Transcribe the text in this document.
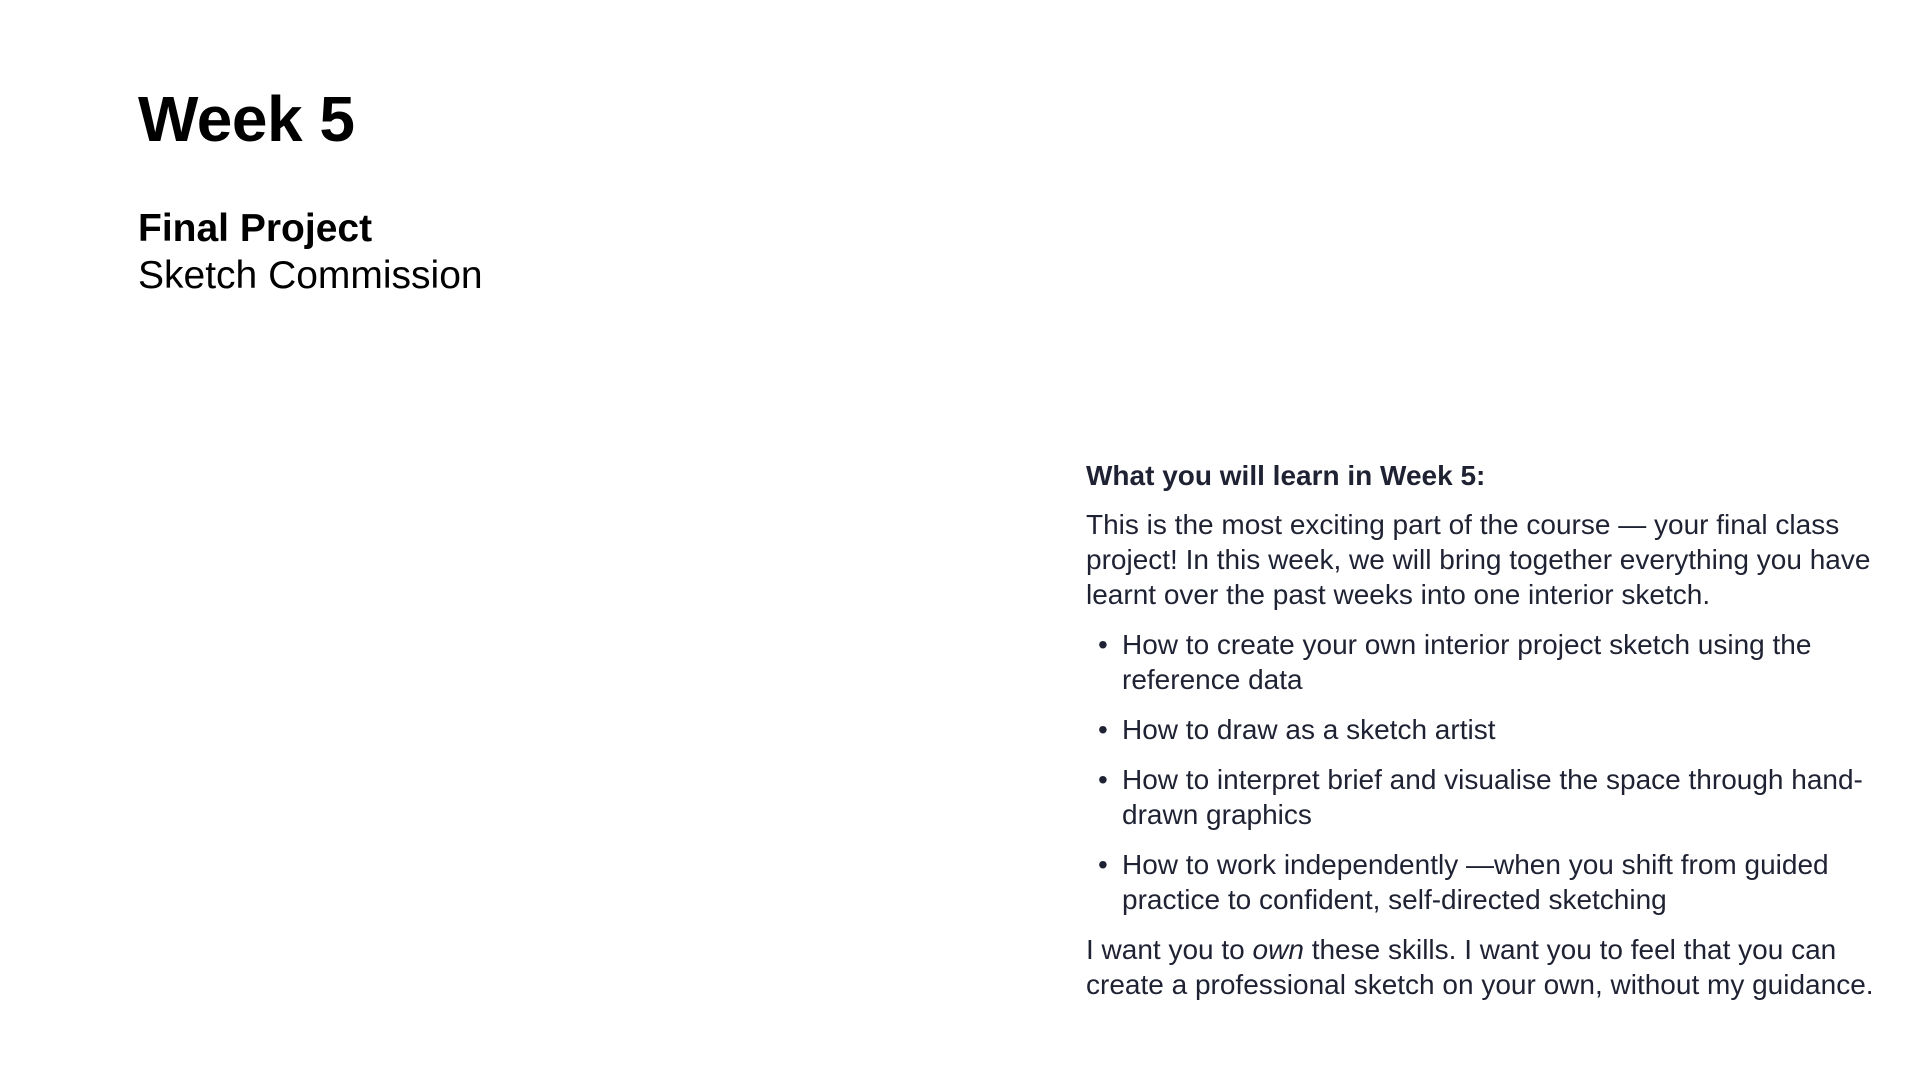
Week 5
Final Project
Sketch Commission

What you will learn in Week 5:

This is the most exciting part of the course — your final class project! In this week, we will bring together everything you have learnt over the past weeks into one interior sketch.

• How to create your own interior project sketch using the reference data
• How to draw as a sketch artist
• How to interpret brief and visualise the space through hand-drawn graphics
• How to work independently —when you shift from guided practice to confident, self-directed sketching

I want you to own these skills. I want you to feel that you can create a professional sketch on your own, without my guidance.
